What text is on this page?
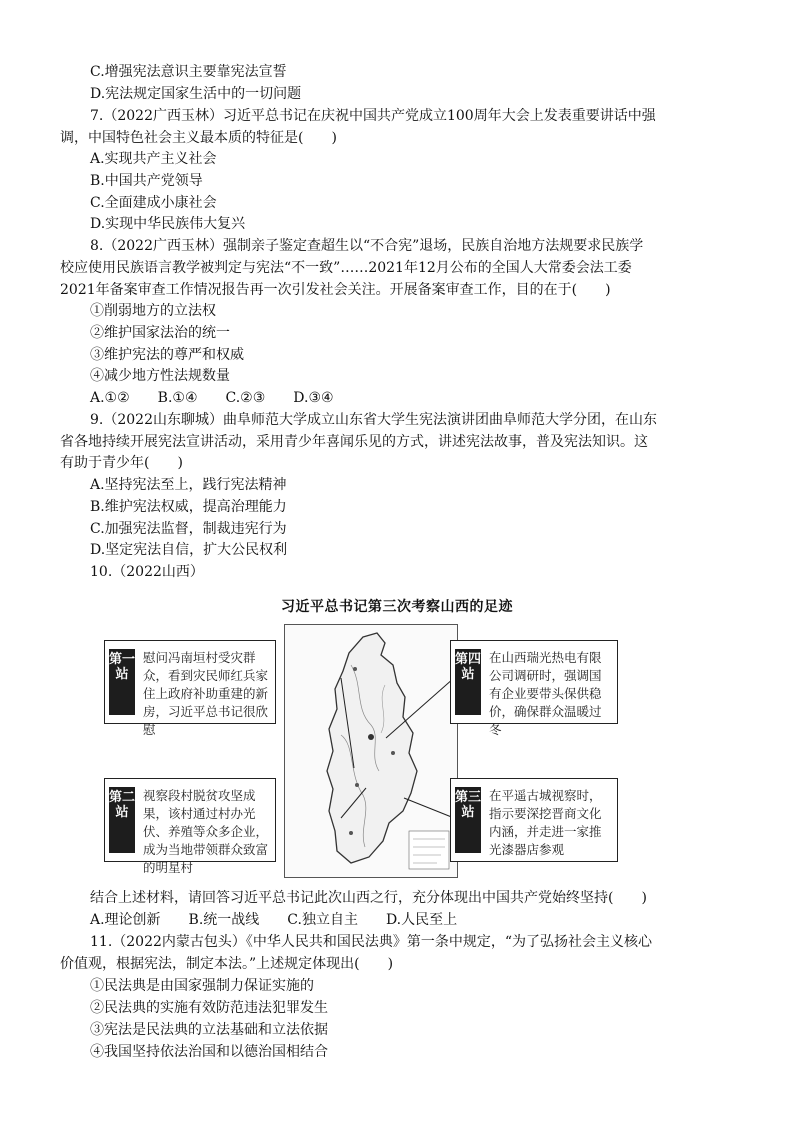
C.增强宪法意识主要靠宪法宣誓
D.宪法规定国家生活中的一切问题
7.（2022广西玉林）习近平总书记在庆祝中国共产党成立100周年大会上发表重要讲话中强
调，中国特色社会主义最本质的特征是(　　)
A.实现共产主义社会
B.中国共产党领导
C.全面建成小康社会
D.实现中华民族伟大复兴
8.（2022广西玉林）强制亲子鉴定查超生以“不合宪”退场，民族自治地方法规要求民族学
校应使用民族语言教学被判定与宪法“不一致”……2021年12月公布的全国人大常委会法工委
2021年备案审查工作情况报告再一次引发社会关注。开展备案审查工作，目的在于(　　)
①削弱地方的立法权
②维护国家法治的统一
③维护宪法的尊严和权威
④减少地方性法规数量
A.①②　　B.①④　　C.②③　　D.③④
9.（2022山东聊城）曲阜师范大学成立山东省大学生宪法演讲团曲阜师范大学分团，在山东
省各地持续开展宪法宣讲活动，采用青少年喜闻乐见的方式，讲述宪法故事，普及宪法知识。这
有助于青少年(　　)
A.坚持宪法至上，践行宪法精神
B.维护宪法权威，提高治理能力
C.加强宪法监督，制裁违宪行为
D.坚定宪法自信，扩大公民权利
10.（2022山西）
习近平总书记第三次考察山西的足迹
第一站
慰问冯南垣村受灾群众，看到灾民师红兵家住上政府补助重建的新房，习近平总书记很欣慰
第二站
视察段村脱贫攻坚成果，该村通过村办光伏、养殖等众多企业，成为当地带领群众致富的明星村
第四站
在山西瑞光热电有限公司调研时，强调国有企业要带头保供稳价，确保群众温暖过冬
第三站
在平遥古城视察时，指示要深挖晋商文化内涵，并走进一家推光漆器店参观
结合上述材料，请回答习近平总书记此次山西之行，充分体现出中国共产党始终坚持(　　)
A.理论创新　　B.统一战线　　C.独立自主　　D.人民至上
11.（2022内蒙古包头）《中华人民共和国民法典》第一条中规定，“为了弘扬社会主义核心
价值观，根据宪法，制定本法。”上述规定体现出(　　)
①民法典是由国家强制力保证实施的
②民法典的实施有效防范违法犯罪发生
③宪法是民法典的立法基础和立法依据
④我国坚持依法治国和以德治国相结合
